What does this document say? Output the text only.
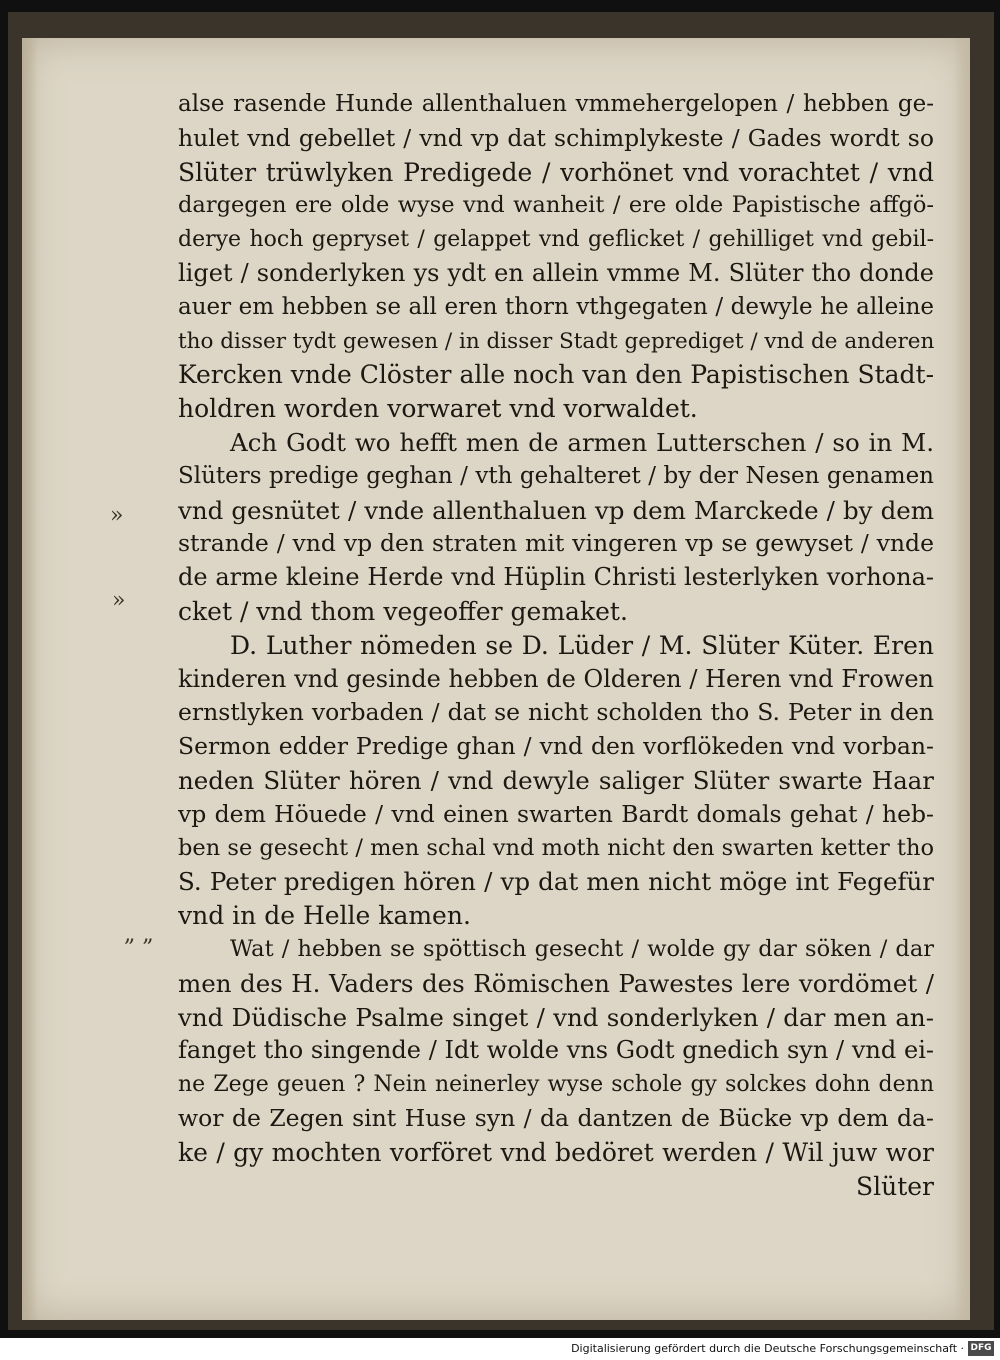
alse rasende Hunde allenthaluen vmmehergelopen / hebben ge-
hulet vnd gebellet / vnd vp dat schimplykeste / Gades wordt so
Slüter trüwlyken Predigede / vorhönet vnd vorachtet / vnd
dargegen ere olde wyse vnd wanheit / ere olde Papistische affgö-
derye hoch gepryset / gelappet vnd geflicket / gehilliget vnd gebil-
liget / sonderlyken ys ydt en allein vmme M. Slüter tho donde
auer em hebben se all eren thorn vthgegaten / dewyle he alleine
tho disser tydt gewesen / in disser Stadt geprediget / vnd de anderen
Kercken vnde Clöster alle noch van den Papistischen Stadt-
holdren worden vorwaret vnd vorwaldet.
Ach Godt wo hefft men de armen Lutterschen / so in M.
Slüters predige geghan / vth gehalteret / by der Nesen genamen
vnd gesnütet / vnde allenthaluen vp dem Marckede / by dem
strande / vnd vp den straten mit vingeren vp se gewyset / vnde
de arme kleine Herde vnd Hüplin Christi lesterlyken vorhona-
cket / vnd thom vegeoffer gemaket.
D. Luther nömeden se D. Lüder / M. Slüter Küter. Eren
kinderen vnd gesinde hebben de Olderen / Heren vnd Frowen
ernstlyken vorbaden / dat se nicht scholden tho S. Peter in den
Sermon edder Predige ghan / vnd den vorflökeden vnd vorban-
neden Slüter hören / vnd dewyle saliger Slüter swarte Haar
vp dem Höuede / vnd einen swarten Bardt domals gehat / heb-
ben se gesecht / men schal vnd moth nicht den swarten ketter tho
S. Peter predigen hören / vp dat men nicht möge int Fegefür
vnd in de Helle kamen.
Wat / hebben se spöttisch gesecht / wolde gy dar söken / dar
men des H. Vaders des Römischen Pawestes lere vordömet /
vnd Düdische Psalme singet / vnd sonderlyken / dar men an-
fanget tho singende / Idt wolde vns Godt gnedich syn / vnd ei-
ne Zege geuen ? Nein neinerley wyse schole gy solckes dohn denn
wor de Zegen sint Huse syn / da dantzen de Bücke vp dem da-
ke / gy mochten vorföret vnd bedöret werden / Wil juw wor
Slüter
»
»
„ „
Digitalisierung gefördert durch die Deutsche Forschungsgemeinschaft · DFG
